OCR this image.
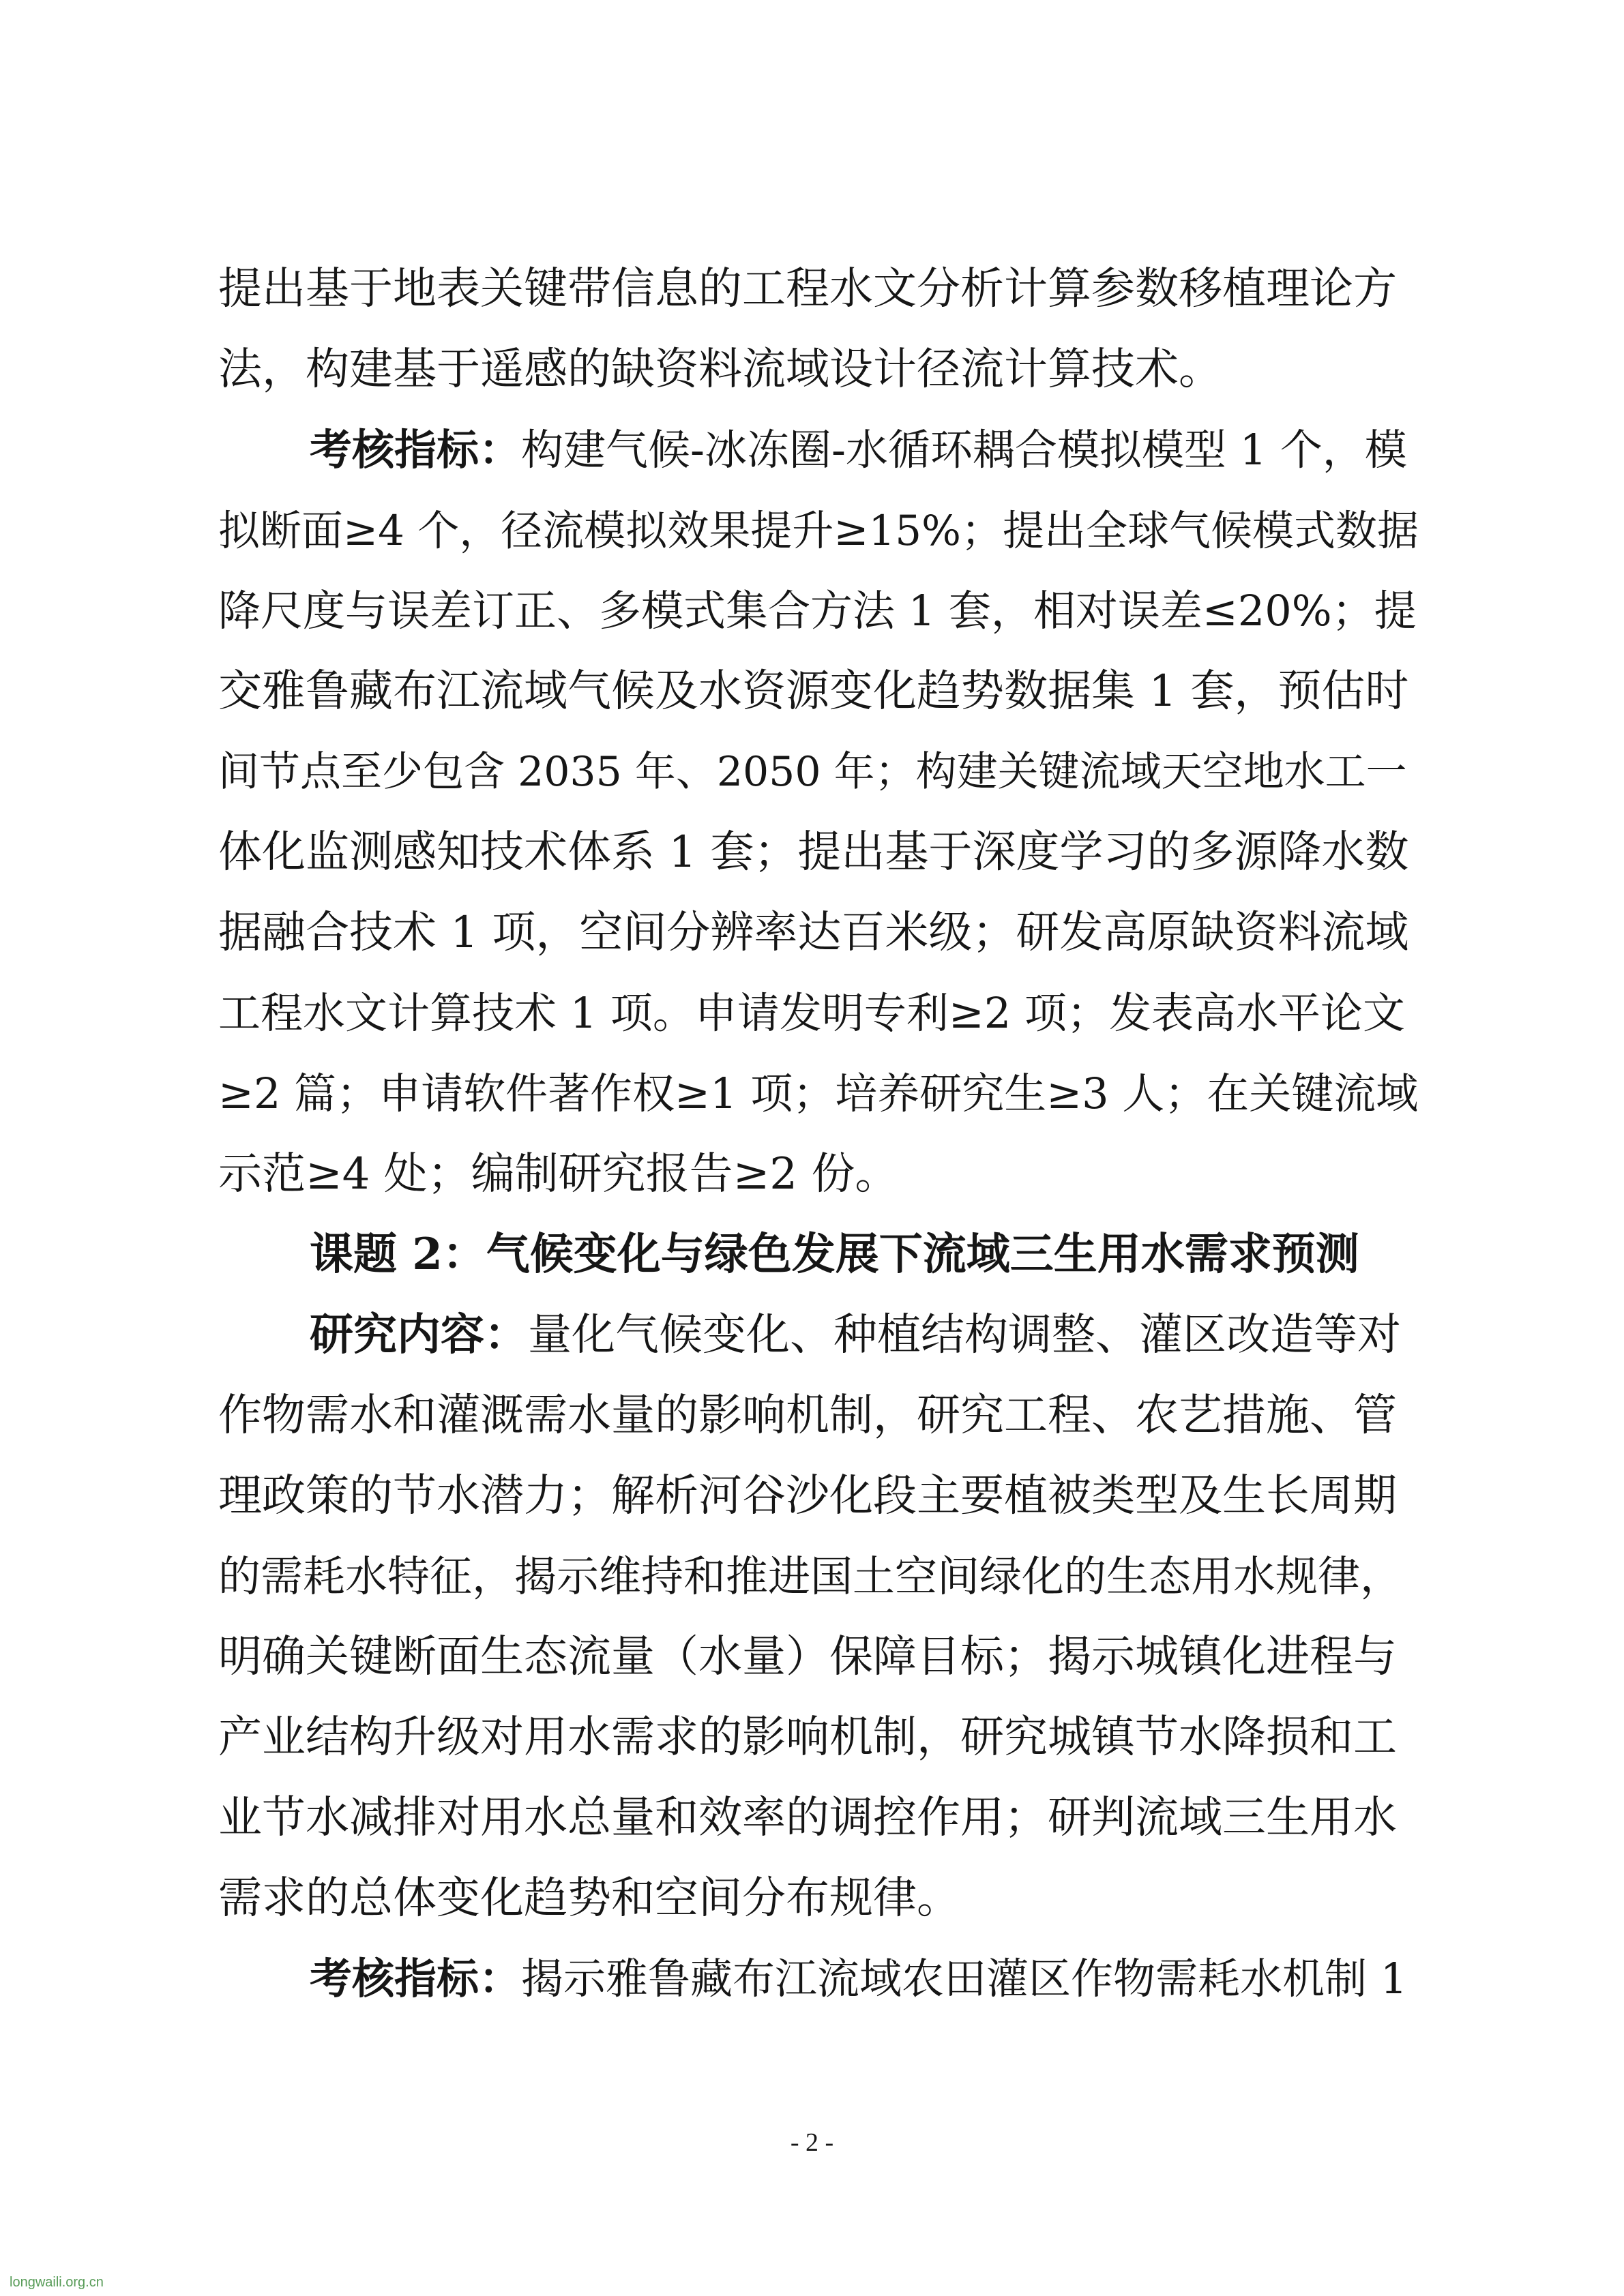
提出基于地表关键带信息的工程水文分析计算参数移植理论方
法，构建基于遥感的缺资料流域设计径流计算技术。
考核指标： 构建气候-冰冻圈-水循环耦合模拟模型 1 个，模
拟断面≥4 个，径流模拟效果提升≥15%；提出全球气候模式数据
降尺度与误差订正、多模式集合方法 1 套，相对误差≤20%；提
交雅鲁藏布江流域气候及水资源变化趋势数据集 1 套，预估时
间节点至少包含 2035 年、2050 年；构建关键流域天空地水工一
体化监测感知技术体系 1 套；提出基于深度学习的多源降水数
据融合技术 1 项，空间分辨率达百米级；研发高原缺资料流域
工程水文计算技术 1 项。申请发明专利≥2 项；发表高水平论文
≥2 篇；申请软件著作权≥1 项；培养研究生≥3 人；在关键流域
示范≥4 处；编制研究报告≥2 份。
课题 2：气候变化与绿色发展下流域三生用水需求预测
研究内容： 量化气候变化、种植结构调整、灌区改造等对
作物需水和灌溉需水量的影响机制，研究工程、农艺措施、管
理政策的节水潜力；解析河谷沙化段主要植被类型及生长周期
的需耗水特征，揭示维持和推进国土空间绿化的生态用水规律，
明确关键断面生态流量（水量）保障目标；揭示城镇化进程与
产业结构升级对用水需求的影响机制，研究城镇节水降损和工
业节水减排对用水总量和效率的调控作用；研判流域三生用水
需求的总体变化趋势和空间分布规律。
考核指标： 揭示雅鲁藏布江流域农田灌区作物需耗水机制 1
- 2 -
longwaili.org.cn
